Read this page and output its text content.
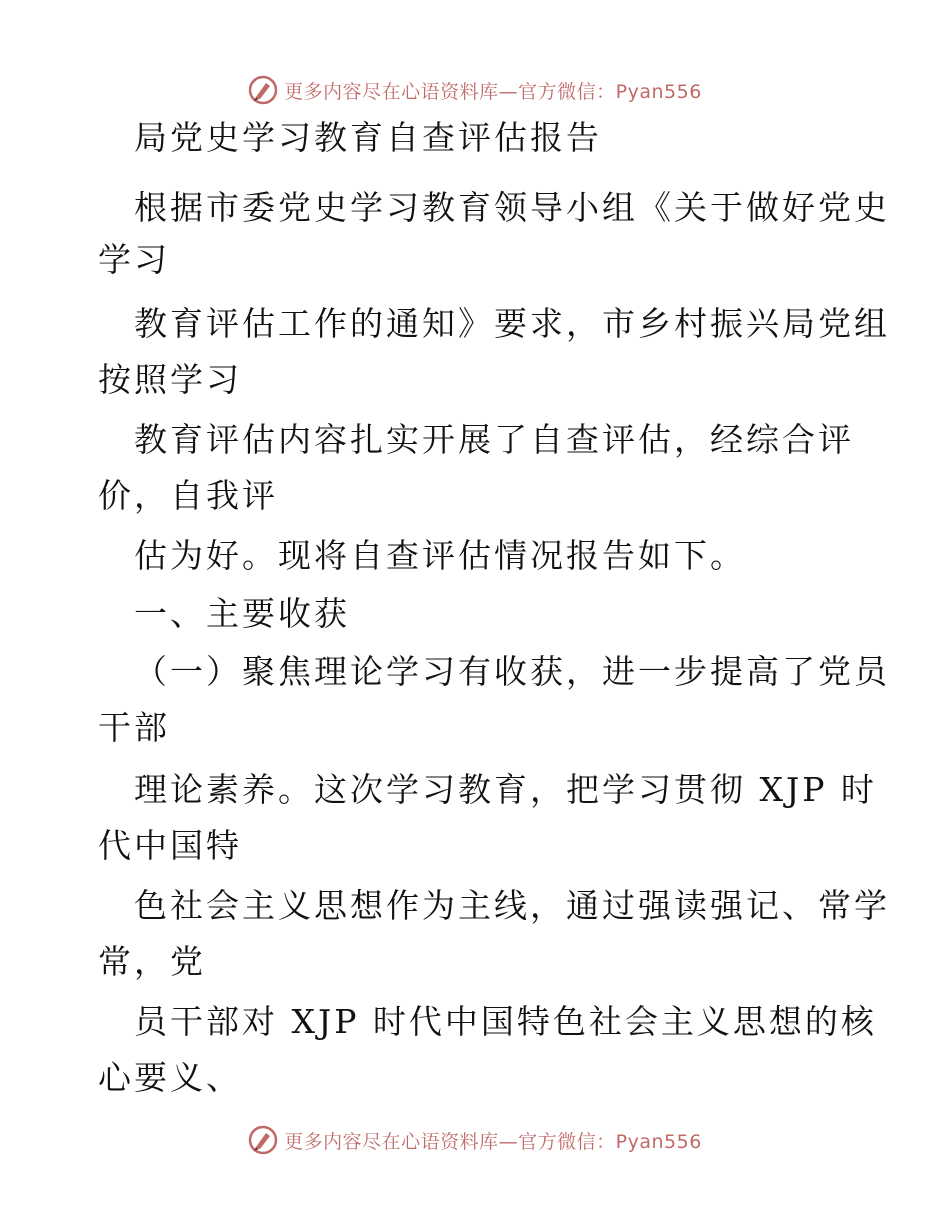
更多内容尽在心语资料库—官方微信：Pyan556
局党史学习教育自查评估报告
根据市委党史学习教育领导小组《关于做好党史
学习
教育评估工作的通知》要求，市乡村振兴局党组
按照学习
教育评估内容扎实开展了自查评估，经综合评
价，自我评
估为好。现将自查评估情况报告如下。
一、主要收获
（一）聚焦理论学习有收获，进一步提高了党员
干部
理论素养。这次学习教育，把学习贯彻 XJP 时
代中国特
色社会主义思想作为主线，通过强读强记、常学
常，党
员干部对 XJP 时代中国特色社会主义思想的核
心要义、
更多内容尽在心语资料库—官方微信：Pyan556
